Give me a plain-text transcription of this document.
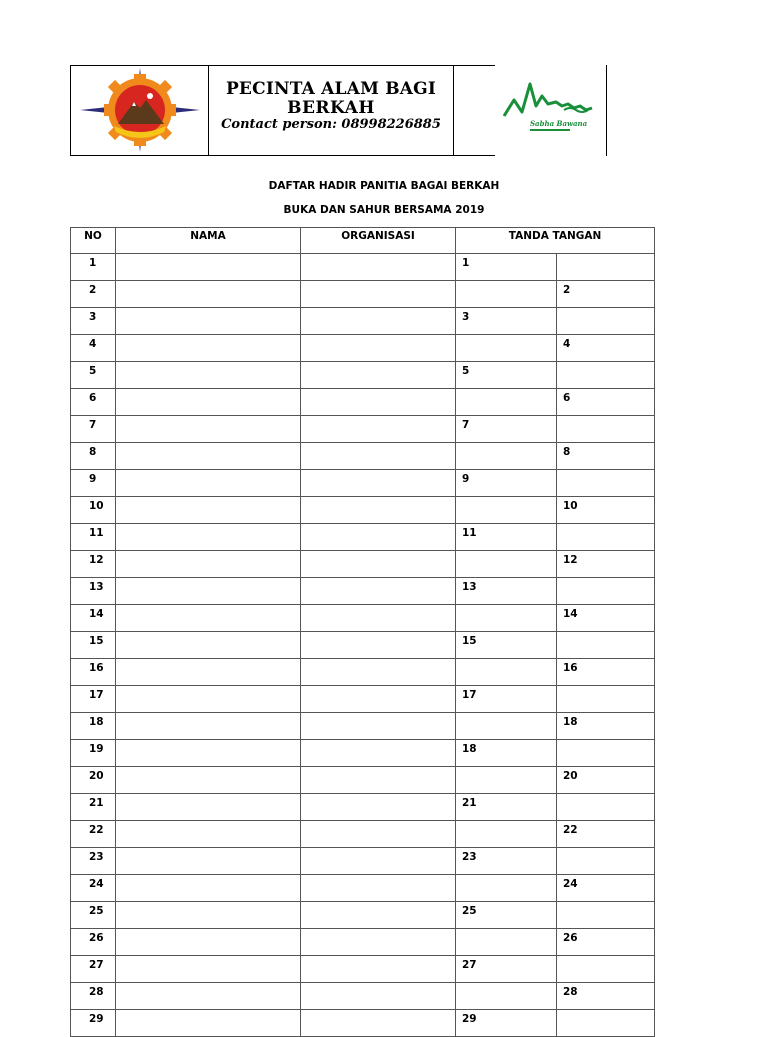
PECINTA ALAM BAGI
BERKAH
Contact person: 08998226885	Sabha Bawana
DAFTAR HADIR PANITIA BAGAI BERKAH
BUKA DAN SAHUR BERSAMA 2019
NO	NAMA	ORGANISASI	TANDA TANGAN	
1			1	
2				2
3			3	
4				4
5			5	
6				6
7			7	
8				8
9			9	
10				10
11			11	
12				12
13			13	
14				14
15			15	
16				16
17			17	
18				18
19			18	
20				20
21			21	
22				22
23			23	
24				24
25			25	
26				26
27			27	
28				28
29			29	
